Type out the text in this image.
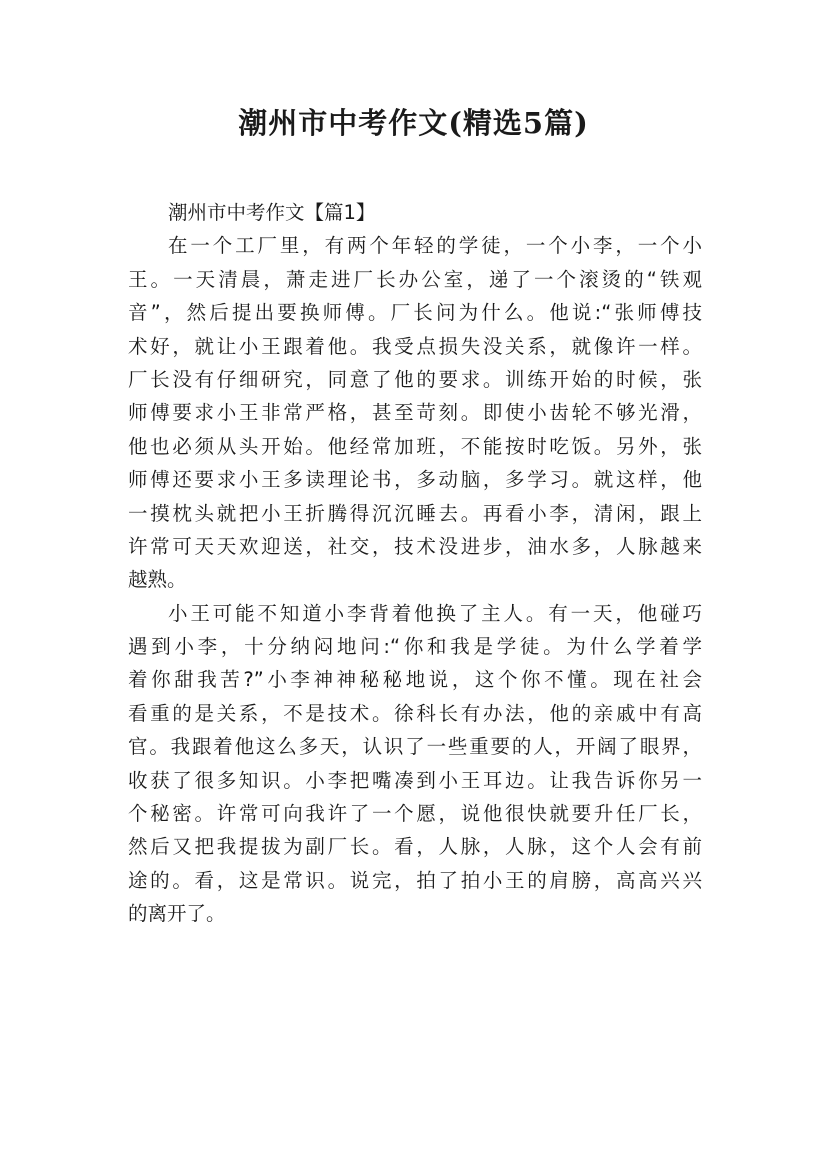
潮州市中考作文(精选5篇)
潮州市中考作文【篇1】
在一个工厂里，有两个年轻的学徒，一个小李，一个小
王。一天清晨，萧走进厂长办公室，递了一个滚烫的“铁观
音”，然后提出要换师傅。厂长问为什么。他说:“张师傅技
术好，就让小王跟着他。我受点损失没关系，就像许一样。
厂长没有仔细研究，同意了他的要求。训练开始的时候，张
师傅要求小王非常严格，甚至苛刻。即使小齿轮不够光滑，
他也必须从头开始。他经常加班，不能按时吃饭。另外，张
师傅还要求小王多读理论书，多动脑，多学习。就这样，他
一摸枕头就把小王折腾得沉沉睡去。再看小李，清闲，跟上
许常可天天欢迎送，社交，技术没进步，油水多，人脉越来
越熟。
小王可能不知道小李背着他换了主人。有一天，他碰巧
遇到小李，十分纳闷地问:“你和我是学徒。为什么学着学
着你甜我苦?”小李神神秘秘地说，这个你不懂。现在社会
看重的是关系，不是技术。徐科长有办法，他的亲戚中有高
官。我跟着他这么多天，认识了一些重要的人，开阔了眼界，
收获了很多知识。小李把嘴凑到小王耳边。让我告诉你另一
个秘密。许常可向我许了一个愿，说他很快就要升任厂长，
然后又把我提拔为副厂长。看，人脉，人脉，这个人会有前
途的。看，这是常识。说完，拍了拍小王的肩膀，高高兴兴
的离开了。
